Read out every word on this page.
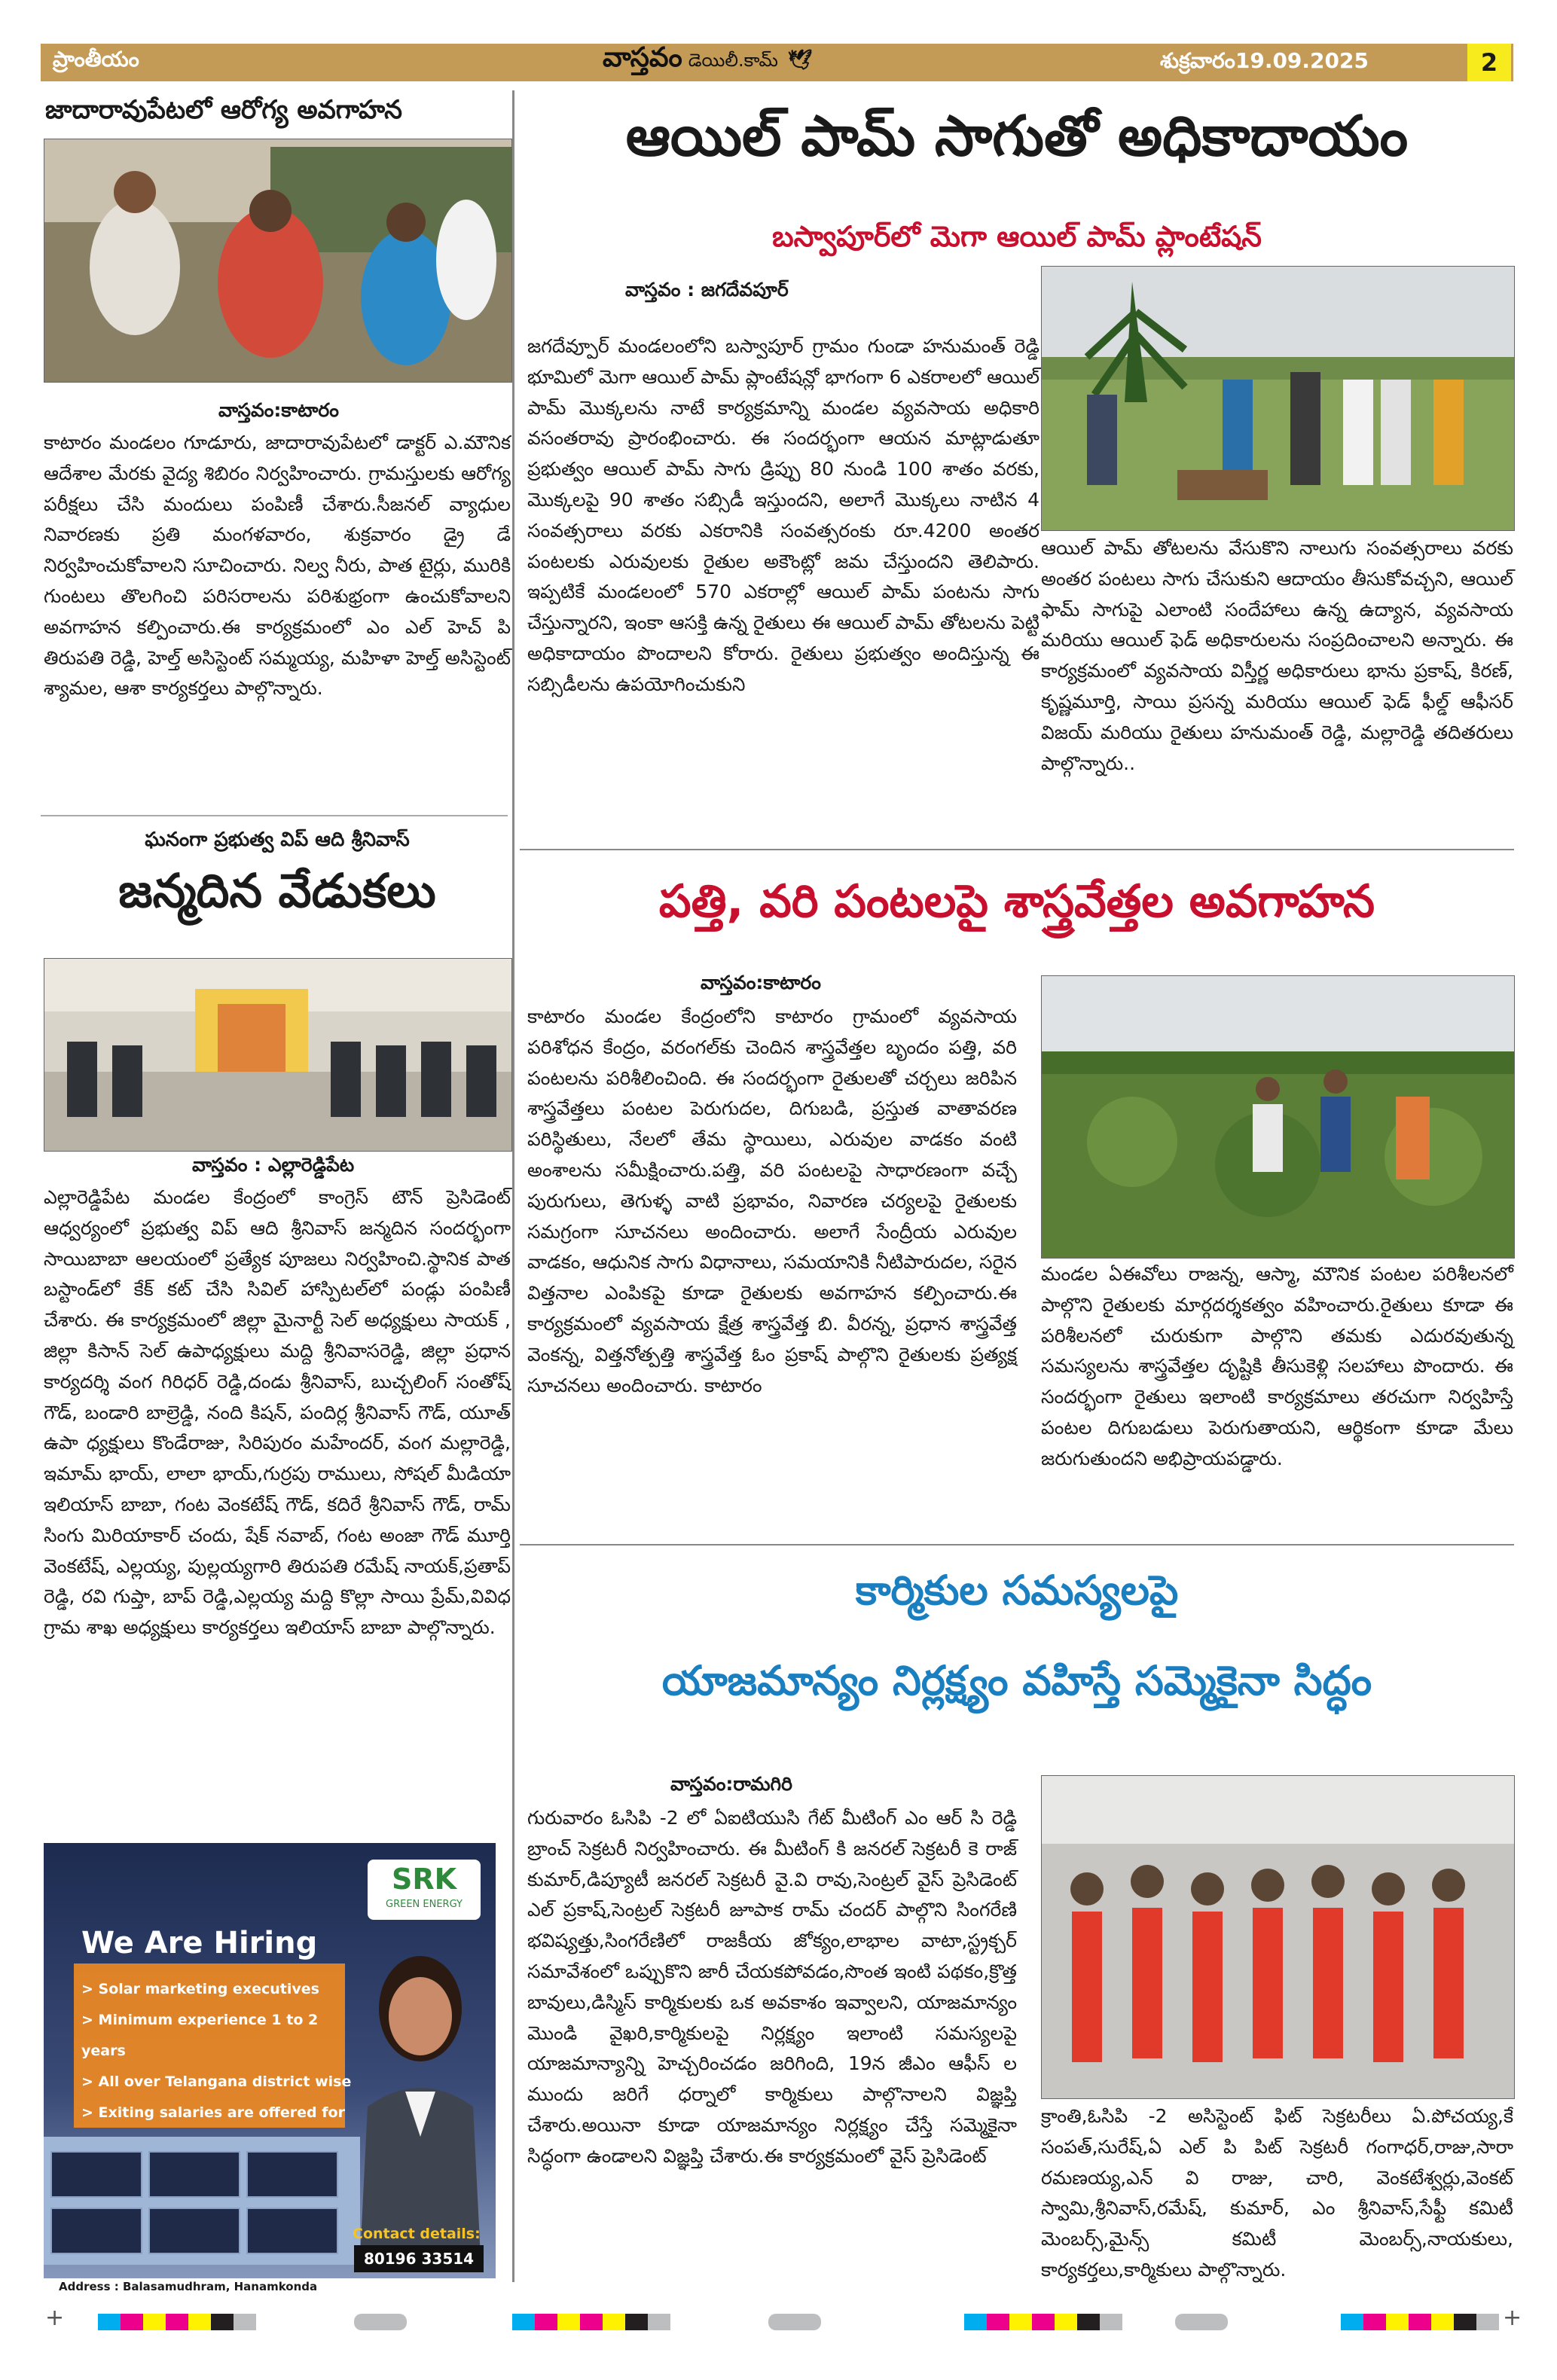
ప్రాంతీయం	వాస్తవం డెయిలీ.కామ్ 🕊	శుక్రవారం19.09.2025	2
జాదారావుపేటలో ఆరోగ్య అవగాహన
వాస్తవం:కాటారం
కాటారం మండలం గూడూరు, జాదారావుపేటలో డాక్టర్ ఎ.మౌనిక ఆదేశాల మేరకు వైద్య శిబిరం నిర్వహించారు. గ్రామస్తులకు ఆరోగ్య పరీక్షలు చేసి మందులు పంపిణీ చేశారు.సీజనల్ వ్యాధుల నివారణకు ప్రతి మంగళవారం, శుక్రవారం డ్రై డే నిర్వహించుకోవాలని సూచించారు. నిల్వ నీరు, పాత టైర్లు, మురికి గుంటలు తొలగించి పరిసరాలను పరిశుభ్రంగా ఉంచుకోవాలని అవగాహన కల్పించారు.ఈ కార్యక్రమంలో ఎం ఎల్ హెచ్ పి తిరుపతి రెడ్డి, హెల్త్ అసిస్టెంట్ సమ్మయ్య, మహిళా హెల్త్ అసిస్టెంట్ శ్యామల, ఆశా కార్యకర్తలు పాల్గొన్నారు.
ఘనంగా ప్రభుత్వ విప్ ఆది శ్రీనివాస్
జన్మదిన వేడుకలు
వాస్తవం : ఎల్లారెడ్డిపేట
ఎల్లారెడ్డిపేట మండల కేంద్రంలో కాంగ్రెస్ టౌన్ ప్రెసిడెంట్ ఆధ్వర్యంలో ప్రభుత్వ విప్ ఆది శ్రీనివాస్ జన్మదిన సందర్భంగా సాయిబాబా ఆలయంలో ప్రత్యేక పూజలు నిర్వహించి.స్థానిక పాత బస్టాండ్‌లో కేక్ కట్ చేసి సివిల్ హాస్పిటల్‌లో పండ్లు పంపిణీ చేశారు. ఈ కార్యక్రమంలో జిల్లా మైనార్టీ సెల్ అధ్యక్షులు సాయక్ , జిల్లా కిసాన్ సెల్ ఉపాధ్యక్షులు మద్ది శ్రీనివాసరెడ్డి, జిల్లా ప్రధాన కార్యదర్శి వంగ గిరిధర్ రెడ్డి,దండు శ్రీనివాస్, బుచ్చలింగ్ సంతోష్ గౌడ్, బండారి బాల్రెడ్డి, నంది కిషన్, పందిర్ల శ్రీనివాస్ గౌడ్, యూత్ ఉపా ధ్యక్షులు కొండేరాజు, సిరిపురం మహేందర్, వంగ మల్లారెడ్డి, ఇమామ్ భాయ్, లాలా భాయ్,గుర్రపు రాములు, సోషల్ మీడియా ఇలియాస్ బాబా, గంట వెంకటేష్ గౌడ్, కదిరే శ్రీనివాస్ గౌడ్, రామ్ సింగు మిరియాకార్ చందు, షేక్ నవాబ్, గంట అంజా గౌడ్ మూర్తి వెంకటేష్, ఎల్లయ్య, పుల్లయ్యగారి తిరుపతి రమేష్ నాయక్,ప్రతాప్ రెడ్డి, రవి గుప్తా, బాప్ రెడ్డి,ఎల్లయ్య మద్ది కొల్లా సాయి ప్రేమ్,వివిధ గ్రామ శాఖ అధ్యక్షులు కార్యకర్తలు ఇలియాస్ బాబా పాల్గొన్నారు.
SRK
GREEN ENERGY
We Are Hiring
> Solar marketing executives
> Minimum experience 1 to 2 years
> All over Telangana district wise
> Exiting salaries are offered for
Contact details:
80196 33514
Address : Balasamudhram, Hanamkonda
ఆయిల్ పామ్ సాగుతో అధికాదాయం
బస్వాపూర్‌లో మెగా ఆయిల్ పామ్ ప్లాంటేషన్
వాస్తవం : జగదేవపూర్
జగదేవ్పూర్ మండలంలోని బస్వాపూర్ గ్రామం గుండా హనుమంత్ రెడ్డి భూమిలో మెగా ఆయిల్ పామ్ ప్లాంటేషన్లో భాగంగా 6 ఎకరాలలో ఆయిల్ పామ్ మొక్కలను నాటే కార్యక్రమాన్ని మండల వ్యవసాయ అధికారి వసంతరావు ప్రారంభించారు. ఈ సందర్భంగా ఆయన మాట్లాడుతూ ప్రభుత్వం ఆయిల్ పామ్ సాగు డ్రిప్పు 80 నుండి 100 శాతం వరకు, మొక్కలపై 90 శాతం సబ్సిడీ ఇస్తుందని, అలాగే మొక్కలు నాటిన 4 సంవత్సరాలు వరకు ఎకరానికి సంవత్సరంకు రూ.4200 అంతర పంటలకు ఎరువులకు రైతుల అకౌంట్లో జమ చేస్తుందని తెలిపారు. ఇప్పటికే మండలంలో 570 ఎకరాల్లో ఆయిల్ పామ్ పంటను సాగు చేస్తున్నారని, ఇంకా ఆసక్తి ఉన్న రైతులు ఈ ఆయిల్ పామ్ తోటలను పెట్టి అధికాదాయం పొందాలని కోరారు. రైతులు ప్రభుత్వం అందిస్తున్న ఈ సబ్సిడీలను ఉపయోగించుకుని
ఆయిల్ పామ్ తోటలను వేసుకొని నాలుగు సంవత్సరాలు వరకు అంతర పంటలు సాగు చేసుకుని ఆదాయం తీసుకోవచ్చని, ఆయిల్ ఫామ్ సాగుపై ఎలాంటి సందేహాలు ఉన్న ఉద్యాన, వ్యవసాయ మరియు ఆయిల్ ఫెడ్ అధికారులను సంప్రదించాలని అన్నారు. ఈ కార్యక్రమంలో వ్యవసాయ విస్తీర్ణ అధికారులు భాను ప్రకాష్, కిరణ్, కృష్ణమూర్తి, సాయి ప్రసన్న మరియు ఆయిల్ ఫెడ్ ఫీల్డ్ ఆఫీసర్ విజయ్ మరియు రైతులు హనుమంత్ రెడ్డి, మల్లారెడ్డి తదితరులు పాల్గొన్నారు..
పత్తి, వరి పంటలపై శాస్త్రవేత్తల అవగాహన
వాస్తవం:కాటారం
కాటారం మండల కేంద్రంలోని కాటారం గ్రామంలో వ్యవసాయ పరిశోధన కేంద్రం, వరంగల్‌కు చెందిన శాస్త్రవేత్తల బృందం పత్తి, వరి పంటలను పరిశీలించింది. ఈ సందర్భంగా రైతులతో చర్చలు జరిపిన శాస్త్రవేత్తలు పంటల పెరుగుదల, దిగుబడి, ప్రస్తుత వాతావరణ పరిస్థితులు, నేలలో తేమ స్థాయిలు, ఎరువుల వాడకం వంటి అంశాలను సమీక్షించారు.పత్తి, వరి పంటలపై సాధారణంగా వచ్చే పురుగులు, తెగుళ్ళ వాటి ప్రభావం, నివారణ చర్యలపై రైతులకు సమగ్రంగా సూచనలు అందించారు. అలాగే సేంద్రీయ ఎరువుల వాడకం, ఆధునిక సాగు విధానాలు, సమయానికి నీటిపారుదల, సరైన విత్తనాల ఎంపికపై కూడా రైతులకు అవగాహన కల్పించారు.ఈ కార్యక్రమంలో వ్యవసాయ క్షేత్ర శాస్త్రవేత్త బి. వీరన్న, ప్రధాన శాస్త్రవేత్త వెంకన్న, విత్తనోత్పత్తి శాస్త్రవేత్త ఓం ప్రకాష్ పాల్గొని రైతులకు ప్రత్యక్ష సూచనలు అందించారు. కాటారం
మండల ఏఈవోలు రాజన్న, ఆస్మా, మౌనిక పంటల పరిశీలనలో పాల్గొని రైతులకు మార్గదర్శకత్వం వహించారు.రైతులు కూడా ఈ పరిశీలనలో చురుకుగా పాల్గొని తమకు ఎదురవుతున్న సమస్యలను శాస్త్రవేత్తల దృష్టికి తీసుకెళ్లి సలహాలు పొందారు. ఈ సందర్భంగా రైతులు ఇలాంటి కార్యక్రమాలు తరచుగా నిర్వహిస్తే పంటల దిగుబడులు పెరుగుతాయని, ఆర్థికంగా కూడా మేలు జరుగుతుందని అభిప్రాయపడ్డారు.
కార్మికుల సమస్యలపై
యాజమాన్యం నిర్లక్ష్యం వహిస్తే సమ్మెకైనా సిద్ధం
వాస్తవం:రామగిరి
గురువారం ఓసిపి -2 లో ఏఐటియుసి గేట్ మీటింగ్ ఎం ఆర్ సి రెడ్డి బ్రాంచ్ సెక్రటరీ నిర్వహించారు. ఈ మీటింగ్ కి జనరల్ సెక్రటరీ కె రాజ్ కుమార్,డిప్యూటీ జనరల్ సెక్రటరీ వై.వి రావు,సెంట్రల్ వైస్ ప్రెసిడెంట్ ఎల్ ప్రకాష్,సెంట్రల్ సెక్రటరీ జూపాక రామ్ చందర్ పాల్గొని సింగరేణి భవిష్యత్తు,సింగరేణిలో రాజకీయ జోక్యం,లాభాల వాటా,స్ట్రక్చర్ సమావేశంలో ఒప్పుకొని జారీ చేయకపోవడం,సొంత ఇంటి పథకం,క్రొత్త బావులు,డిస్మిస్ కార్మికులకు ఒక అవకాశం ఇవ్వాలని, యాజమాన్యం మొండి వైఖరి,కార్మికులపై నిర్లక్ష్యం ఇలాంటి సమస్యలపై యాజమాన్యాన్ని హెచ్చరించడం జరిగింది, 19న జీఎం ఆఫీస్ ల ముందు జరిగే ధర్నాలో కార్మికులు పాల్గొనాలని విజ్ఞప్తి చేశారు.అయినా కూడా యాజమాన్యం నిర్లక్ష్యం చేస్తే సమ్మెకైనా సిద్ధంగా ఉండాలని విజ్ఞప్తి చేశారు.ఈ కార్యక్రమంలో వైస్ ప్రెసిడెంట్
క్రాంతి,ఓసిపి -2 అసిస్టెంట్ ఫిట్ సెక్రటరీలు ఏ.పోచయ్య,కే సంపత్,సురేష్,ఏ ఎల్ పి పిట్ సెక్రటరీ గంగాధర్,రాజు,సారా రమణయ్య,ఎన్ వి రాజు, చారి, వెంకటేశ్వర్లు,వెంకట్ స్వామి,శ్రీనివాస్,రమేష్, కుమార్, ఎం శ్రీనివాస్,సేఫ్టీ కమిటీ మెంబర్స్,మైన్స్ కమిటీ మెంబర్స్,నాయకులు, కార్యకర్తలు,కార్మికులు పాల్గొన్నారు.
+	+
